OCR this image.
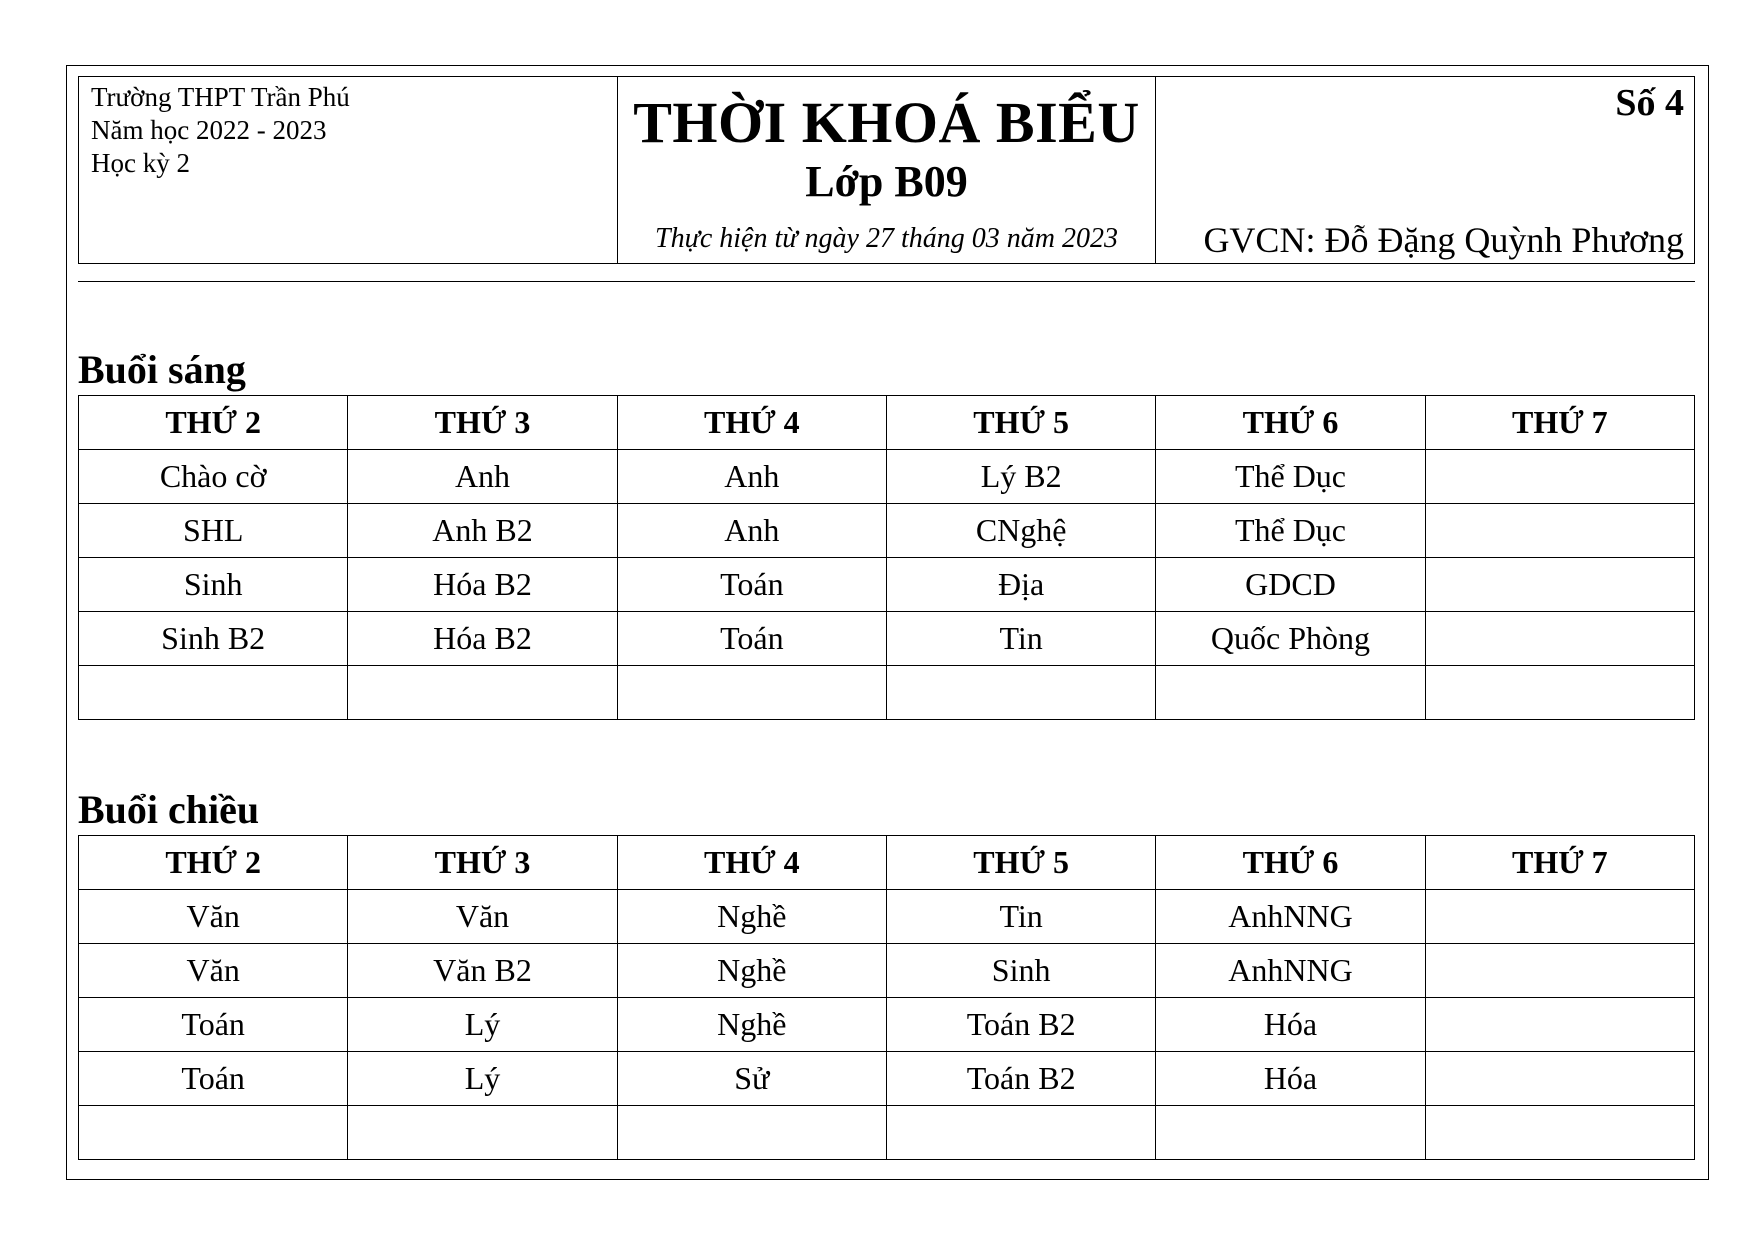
Trường THPT Trần Phú
Năm học 2022 - 2023
Học kỳ 2

THỜI KHOÁ BIỂU
Lớp B09
Thực hiện từ ngày 27 tháng 03 năm 2023

Số 4
GVCN: Đỗ Đặng Quỳnh Phương
Buổi sáng
THỨ 2	THỨ 3	THỨ 4	THỨ 5	THỨ 6	THỨ 7
Chào cờ	Anh	Anh	Lý B2	Thể Dục	
SHL	Anh B2	Anh	CNghệ	Thể Dục	
Sinh	Hóa B2	Toán	Địa	GDCD	
Sinh B2	Hóa B2	Toán	Tin	Quốc Phòng	

Buổi chiều
THỨ 2	THỨ 3	THỨ 4	THỨ 5	THỨ 6	THỨ 7
Văn	Văn	Nghề	Tin	AnhNNG	
Văn	Văn B2	Nghề	Sinh	AnhNNG	
Toán	Lý	Nghề	Toán B2	Hóa	
Toán	Lý	Sử	Toán B2	Hóa	
